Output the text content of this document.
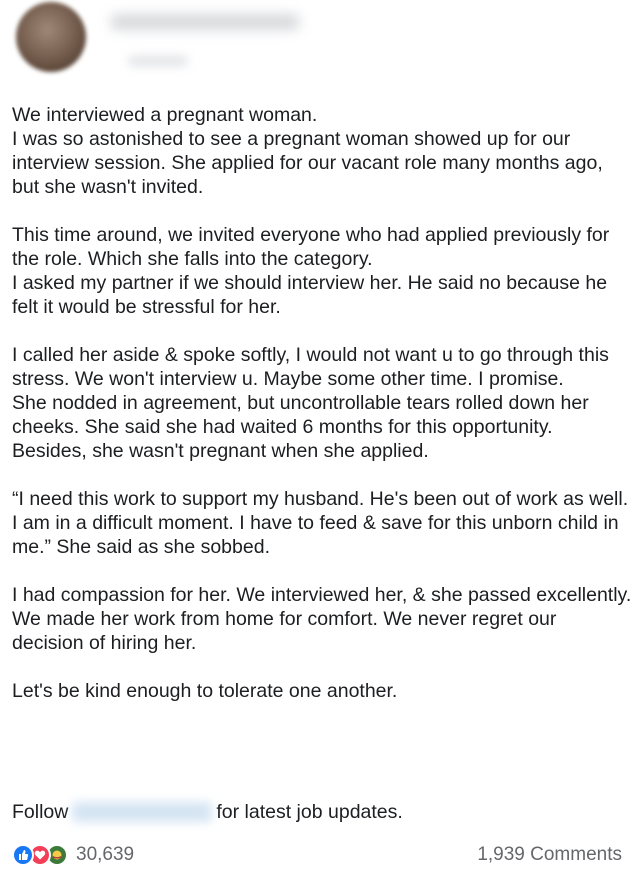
We interviewed a pregnant woman.
I was so astonished to see a pregnant woman showed up for our interview session. She applied for our vacant role many months ago, but she wasn't invited.

This time around, we invited everyone who had applied previously for the role. Which she falls into the category.
I asked my partner if we should interview her. He said no because he felt it would be stressful for her.

I called her aside & spoke softly, I would not want u to go through this stress. We won't interview u. Maybe some other time. I promise.
She nodded in agreement, but uncontrollable tears rolled down her cheeks. She said she had waited 6 months for this opportunity. Besides, she wasn't pregnant when she applied.

“I need this work to support my husband. He's been out of work as well. I am in a difficult moment. I have to feed & save for this unborn child in me.” She said as she sobbed.

I had compassion for her. We interviewed her, & she passed excellently. We made her work from home for comfort. We never regret our decision of hiring her.

Let's be kind enough to tolerate one another.

Follow	for latest job updates.
30,639	1,939 Comments
